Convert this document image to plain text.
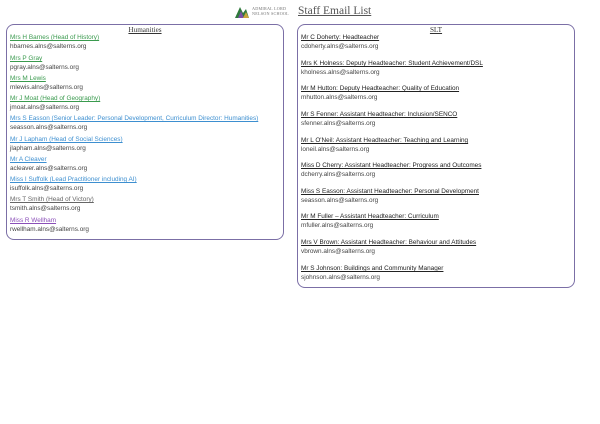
ADMIRAL LORD
NELSON SCHOOL Staff Email List
Humanities
Mrs H Barnes (Head of History)
hbarnes.alns@salterns.org
Mrs P Gray
pgray.alns@salterns.org
Mrs M Lewis
mlewis.alns@salterns.org
Mr J Moat (Head of Geography)
jmoat.alns@salterns.org
Mrs S Easson (Senior Leader: Personal Development, Curriculum Director: Humanities)
seasson.alns@salterns.org
Mr J Lapham (Head of Social Sciences)
jlapham.alns@salterns.org
Mr A Cleaver
acleaver.alns@salterns.org
Miss I Suffolk (Lead Practitioner including AI)
isuffolk.alns@salterns.org
Mrs T Smith (Head of Victory)
tsmith.alns@salterns.org
Miss R Wellham
rwellham.alns@salterns.org
SLT
Mr C Doherty: Headteacher
cdoherty.alns@salterns.org
Mrs K Holness: Deputy Headteacher: Student Achievement/DSL
kholness.alns@salterns.org
Mr M Hutton: Deputy Headteacher: Quality of Education
mhutton.alns@salterns.org
Mr S Fenner: Assistant Headteacher: Inclusion/SENCO
sfenner.alns@salterns.org
Mr L O'Neil: Assistant Headteacher: Teaching and Learning
loneil.alns@salterns.org
Miss D Cherry: Assistant Headteacher: Progress and Outcomes
dcherry.alns@salterns.org
Miss S Easson: Assistant Headteacher: Personal Development
seasson.alns@salterns.org
Mr M Fuller – Assistant Headteacher: Curriculum
mfuller.alns@salterns.org
Mrs V Brown: Assistant Headteacher: Behaviour and Attitudes
vbrown.alns@salterns.org
Mr S Johnson: Buildings and Community Manager
sjohnson.alns@salterns.org
